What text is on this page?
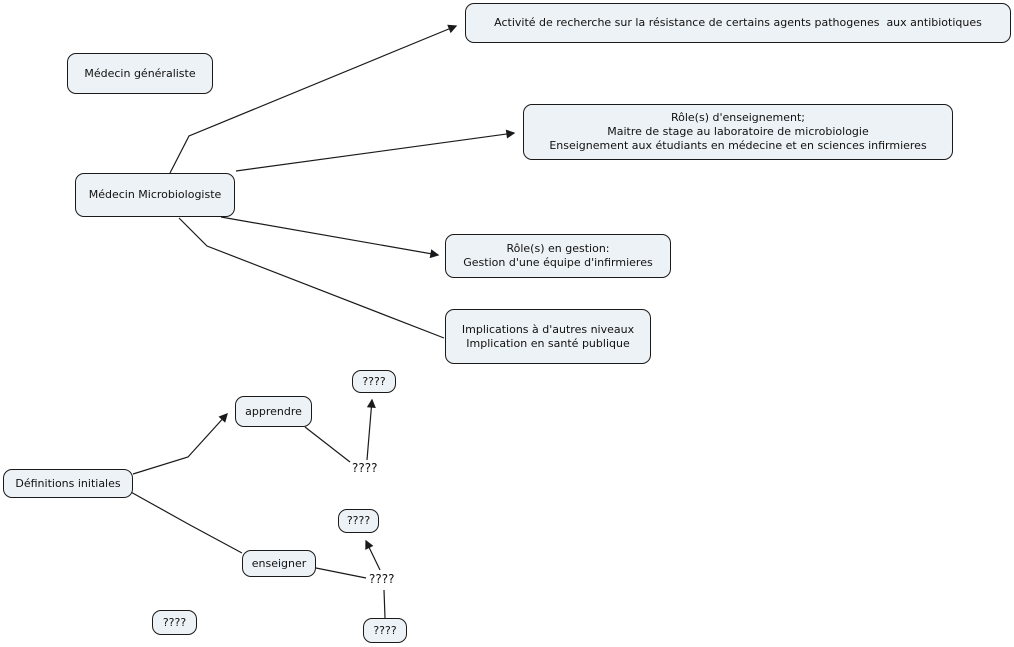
Médecin généraliste
Activité de recherche sur la résistance de certains agents pathogenes  aux antibiotiques
Médecin Microbiologiste
Rôle(s) d'enseignement;
Maitre de stage au laboratoire de microbiologie
Enseignement aux étudiants en médecine et en sciences infirmieres
Rôle(s) en gestion:
Gestion d'une équipe d'infirmieres
Implications à d'autres niveaux
Implication en santé publique
Définitions initiales
apprendre
????
enseigner
????
????
????
????
????
